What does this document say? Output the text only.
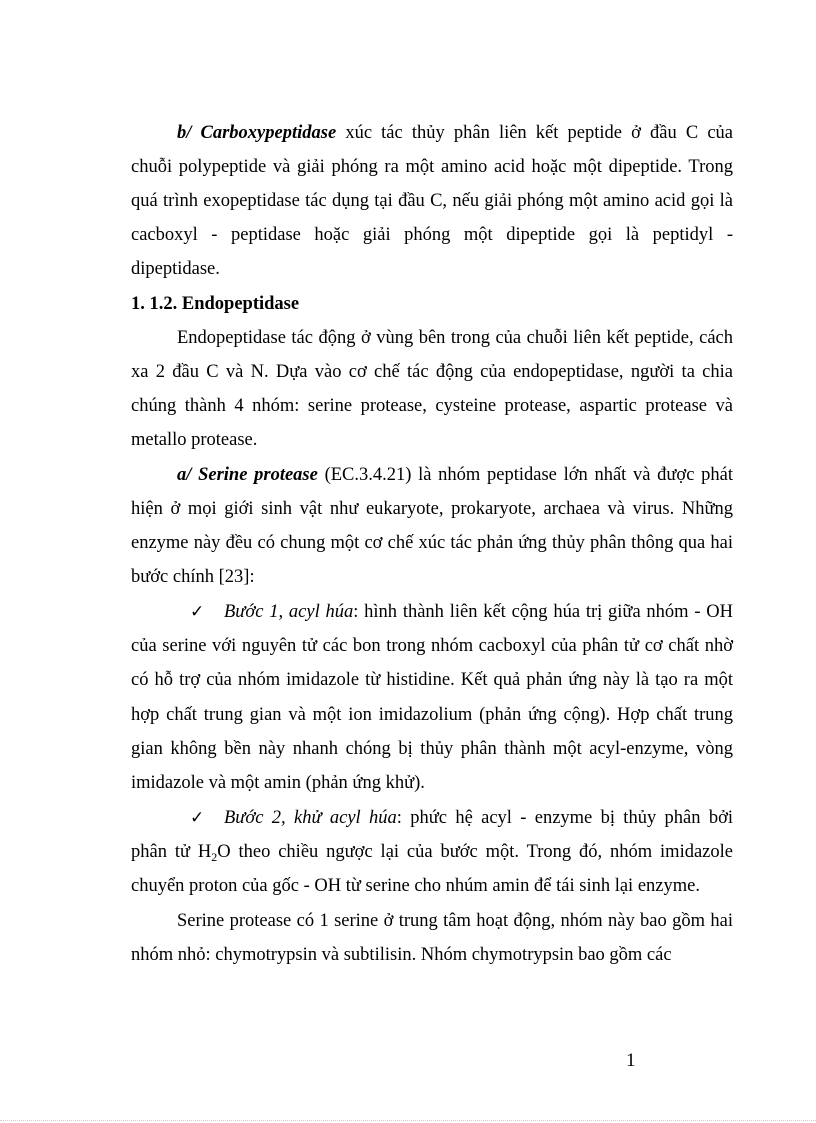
b/ Carboxypeptidase xúc tác thủy phân liên kết peptide ở đầu C của
chuỗi polypeptide và giải phóng ra một amino acid hoặc một dipeptide. Trong
quá trình exopeptidase tác dụng tại đầu C, nếu giải phóng một amino acid gọi là
cacboxyl - peptidase hoặc giải phóng một dipeptide gọi là peptidyl -
dipeptidase.
1. 1.2. Endopeptidase
Endopeptidase tác động ở vùng bên trong của chuỗi liên kết peptide, cách
xa 2 đầu C và N. Dựa vào cơ chế tác động của endopeptidase, người ta chia
chúng thành 4 nhóm: serine protease, cysteine protease, aspartic protease và
metallo protease.
a/ Serine protease (EC.3.4.21) là nhóm peptidase lớn nhất và được phát
hiện ở mọi giới sinh vật như eukaryote, prokaryote, archaea và virus. Những
enzyme này đều có chung một cơ chế xúc tác phản ứng thủy phân thông qua hai
bước chính [23]:
✓ Bước 1, acyl húa: hình thành liên kết cộng húa trị giữa nhóm - OH
của serine với nguyên tử các bon trong nhóm cacboxyl của phân tử cơ chất nhờ
có hỗ trợ của nhóm imidazole từ histidine. Kết quả phản ứng này là tạo ra một
hợp chất trung gian và một ion imidazolium (phản ứng cộng). Hợp chất trung
gian không bền này nhanh chóng bị thủy phân thành một acyl-enzyme, vòng
imidazole và một amin (phản ứng khử).
✓ Bước 2, khử acyl húa: phức hệ acyl - enzyme bị thủy phân bởi
phân tử $H_2O$ theo chiều ngược lại của bước một. Trong đó, nhóm imidazole
chuyển proton của gốc - OH từ serine cho nhúm amin để tái sinh lại enzyme.
Serine protease có 1 serine ở trung tâm hoạt động, nhóm này bao gồm hai
nhóm nhỏ: chymotrypsin và subtilisin. Nhóm chymotrypsin bao gồm các
1
